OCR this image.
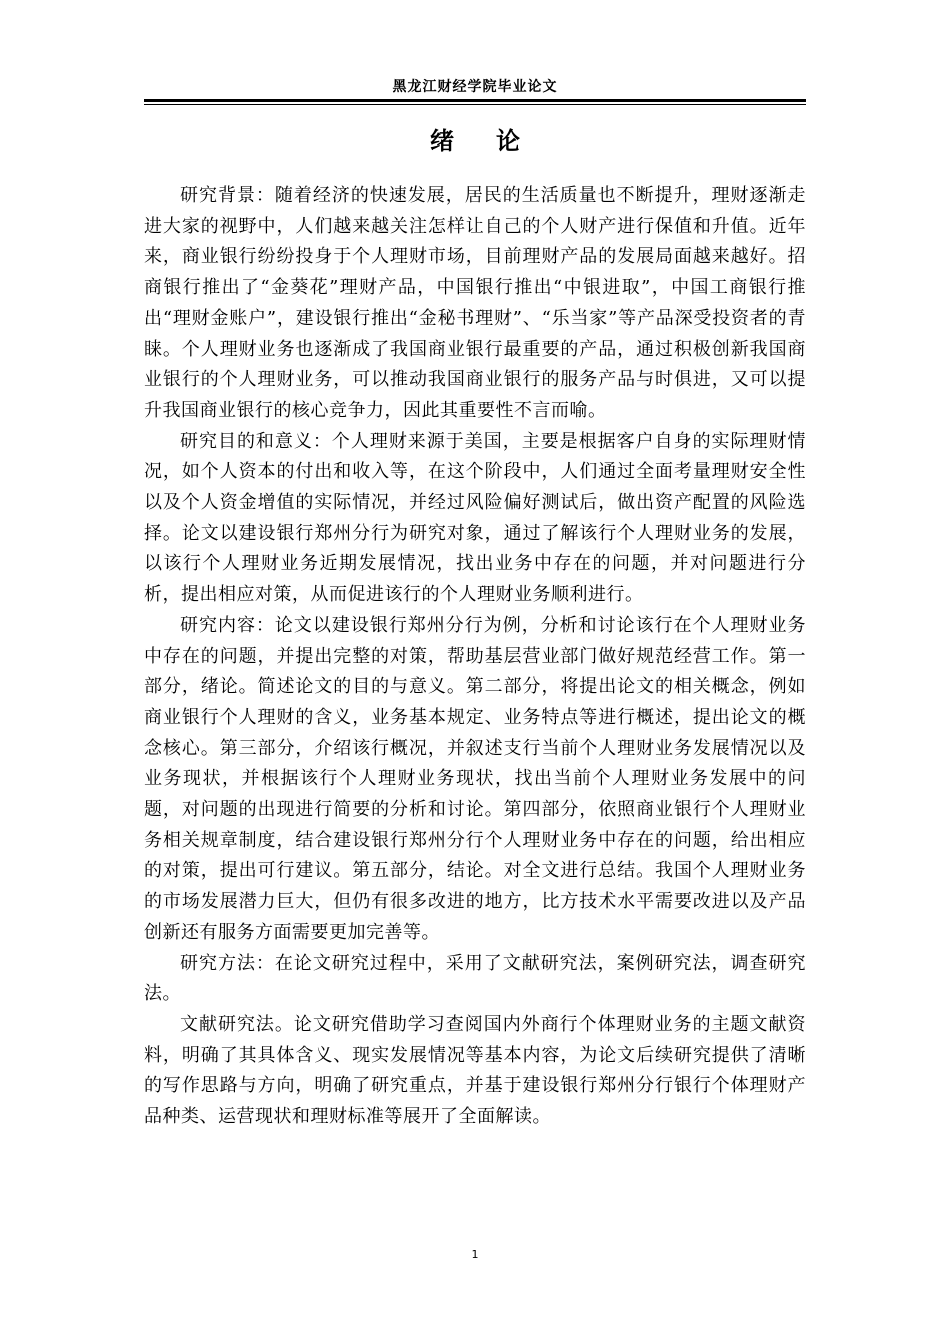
黑龙江财经学院毕业论文
绪论

研究背景：随着经济的快速发展，居民的生活质量也不断提升，理财逐渐走进大家的视野中，人们越来越关注怎样让自己的个人财产进行保值和升值。近年来，商业银行纷纷投身于个人理财市场，目前理财产品的发展局面越来越好。招商银行推出了“金葵花”理财产品，中国银行推出“中银进取”，中国工商银行推出“理财金账户”，建设银行推出“金秘书理财”、“乐当家”等产品深受投资者的青睐。个人理财业务也逐渐成了我国商业银行最重要的产品，通过积极创新我国商业银行的个人理财业务，可以推动我国商业银行的服务产品与时俱进，又可以提升我国商业银行的核心竞争力，因此其重要性不言而喻。

研究目的和意义：个人理财来源于美国，主要是根据客户自身的实际理财情况，如个人资本的付出和收入等，在这个阶段中，人们通过全面考量理财安全性以及个人资金增值的实际情况，并经过风险偏好测试后，做出资产配置的风险选择。论文以建设银行郑州分行为研究对象，通过了解该行个人理财业务的发展，以该行个人理财业务近期发展情况，找出业务中存在的问题，并对问题进行分析，提出相应对策，从而促进该行的个人理财业务顺利进行。

研究内容：论文以建设银行郑州分行为例，分析和讨论该行在个人理财业务中存在的问题，并提出完整的对策，帮助基层营业部门做好规范经营工作。第一部分，绪论。简述论文的目的与意义。第二部分，将提出论文的相关概念，例如商业银行个人理财的含义，业务基本规定、业务特点等进行概述，提出论文的概念核心。第三部分，介绍该行概况，并叙述支行当前个人理财业务发展情况以及业务现状，并根据该行个人理财业务现状，找出当前个人理财业务发展中的问题，对问题的出现进行简要的分析和讨论。第四部分，依照商业银行个人理财业务相关规章制度，结合建设银行郑州分行个人理财业务中存在的问题，给出相应的对策，提出可行建议。第五部分，结论。对全文进行总结。我国个人理财业务的市场发展潜力巨大，但仍有很多改进的地方，比方技术水平需要改进以及产品创新还有服务方面需要更加完善等。

研究方法：在论文研究过程中，采用了文献研究法，案例研究法，调查研究法。

文献研究法。论文研究借助学习查阅国内外商行个体理财业务的主题文献资料，明确了其具体含义、现实发展情况等基本内容，为论文后续研究提供了清晰的写作思路与方向，明确了研究重点，并基于建设银行郑州分行银行个体理财产品种类、运营现状和理财标准等展开了全面解读。

1
